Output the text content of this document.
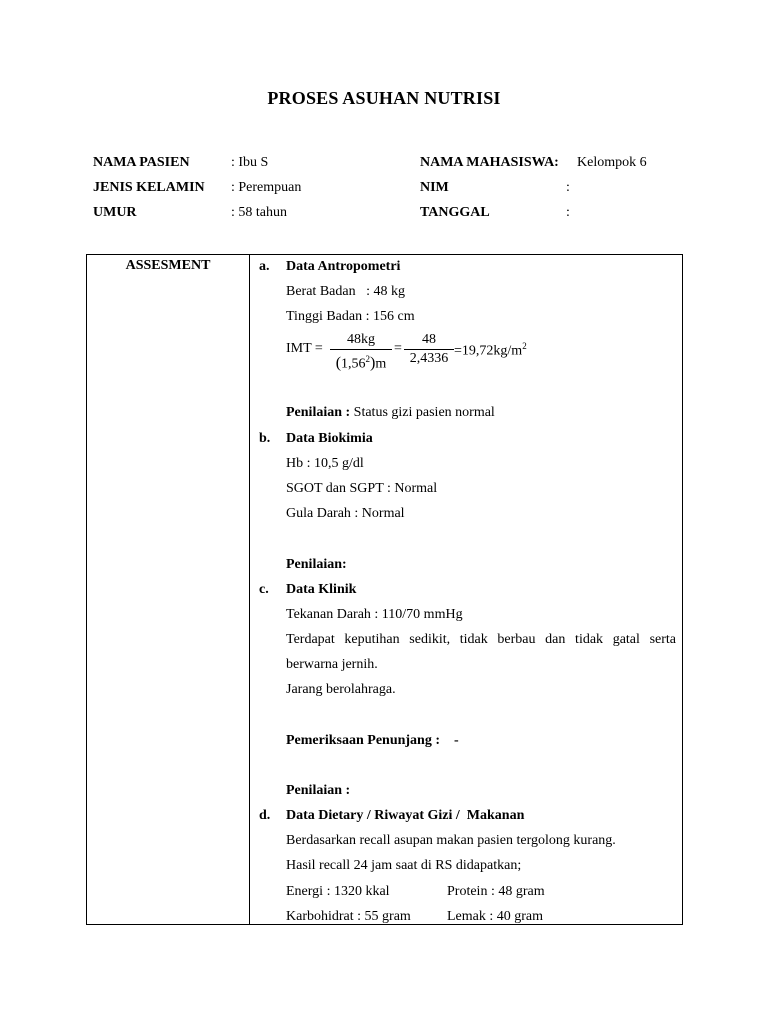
PROSES ASUHAN NUTRISI
NAMA PASIEN	: Ibu S
JENIS KELAMIN : Perempuan
UMUR	: 58 tahun
NAMA MAHASISWA: Kelompok 6
NIM	:
TANGGAL	:
ASSESMENT	a. Data Antropometri
Berat Badan   : 48 kg
Tinggi Badan : 156 cm
IMT = $\frac{48kg}{(1,56^2)m} = \frac{48}{2,4336} =19,72kg/m^2$
Penilaian : Status gizi pasien normal
b. Data Biokimia
Hb : 10,5 g/dl
SGOT dan SGPT : Normal
Gula Darah : Normal
Penilaian:
c. Data Klinik
Tekanan Darah : 110/70 mmHg
Terdapat keputihan sedikit, tidak berbau dan tidak gatal serta
berwarna jernih.
Jarang berolahraga.
Pemeriksaan Penunjang : -
Penilaian :
d. Data Dietary / Riwayat Gizi /  Makanan
Berdasarkan recall asupan makan pasien tergolong kurang.
Hasil recall 24 jam saat di RS didapatkan;
Energi : 1320 kkal	Protein : 48 gram
Karbohidrat : 55 gram	Lemak : 40 gram
